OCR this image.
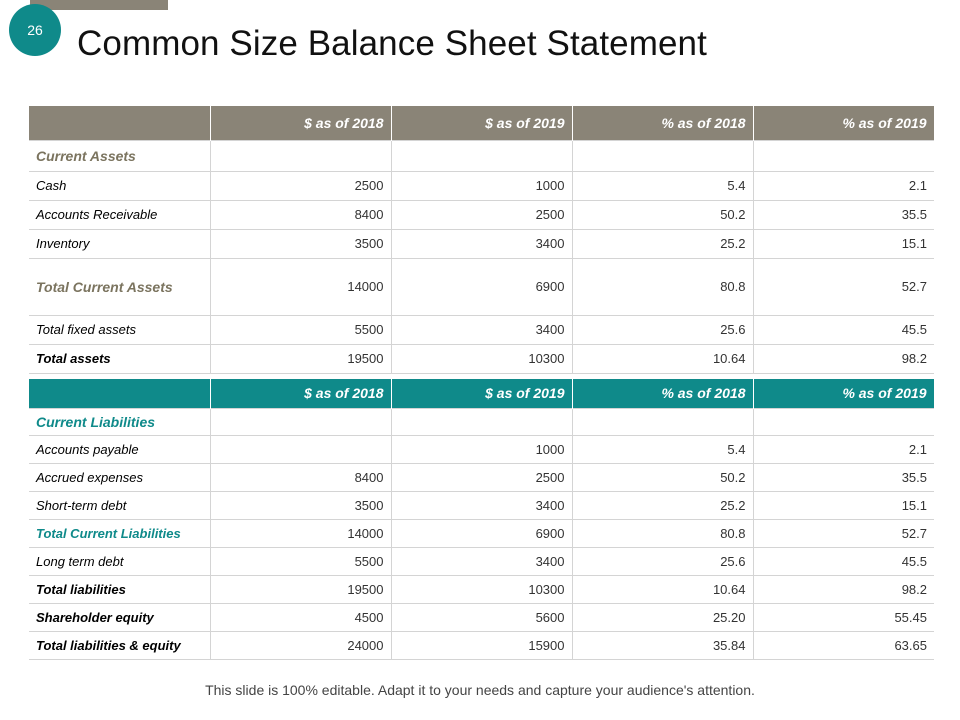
26 Common Size Balance Sheet Statement
	$ as of 2018	$ as of 2019	% as of 2018	% as of 2019
Current Assets				
Cash	2500	1000	5.4	2.1
Accounts Receivable	8400	2500	50.2	35.5
Inventory	3500	3400	25.2	15.1
Total Current Assets	14000	6900	80.8	52.7
Total fixed assets	5500	3400	25.6	45.5
Total assets	19500	10300	10.64	98.2
	$ as of 2018	$ as of 2019	% as of 2018	% as of 2019
Current Liabilities				
Accounts payable		1000	5.4	2.1
Accrued expenses	8400	2500	50.2	35.5
Short-term debt	3500	3400	25.2	15.1
Total Current Liabilities	14000	6900	80.8	52.7
Long term debt	5500	3400	25.6	45.5
Total liabilities	19500	10300	10.64	98.2
Shareholder equity	4500	5600	25.20	55.45
Total liabilities & equity	24000	15900	35.84	63.65
This slide is 100% editable. Adapt it to your needs and capture your audience's attention.
